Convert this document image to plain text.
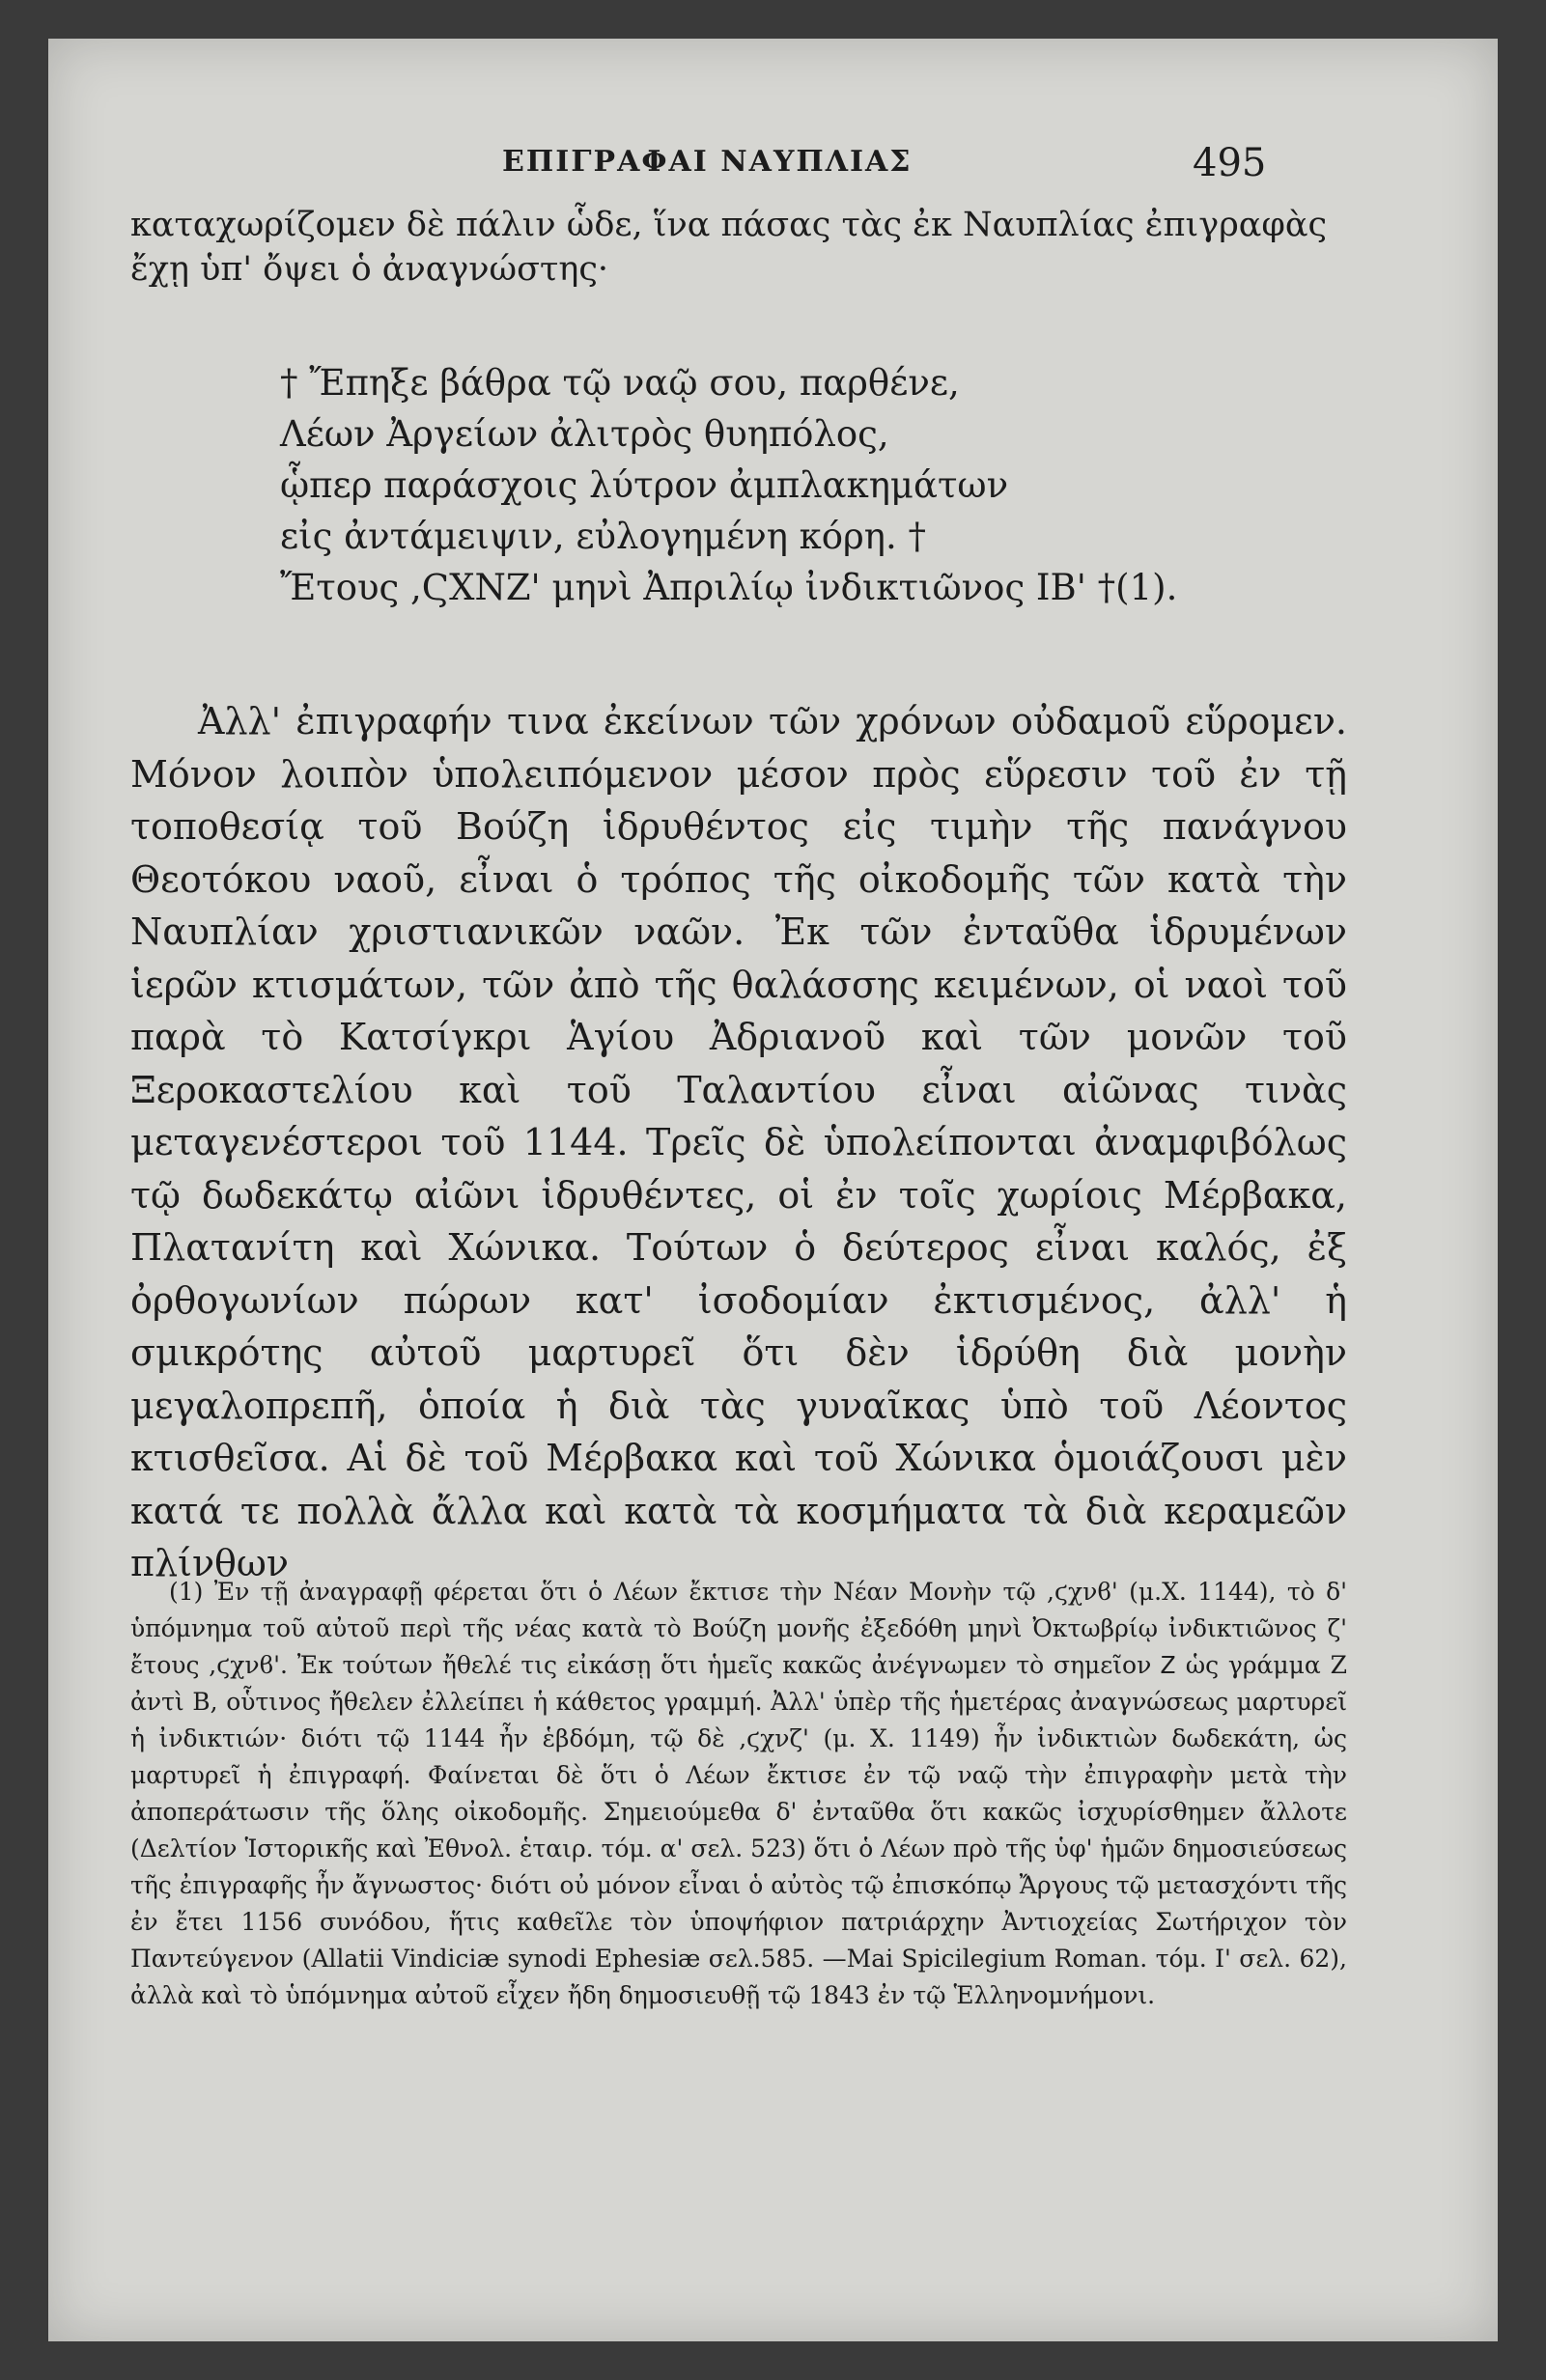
ΕΠΙΓΡΑΦΑΙ ΝΑΥΠΛΙΑΣ	495

καταχωρίζομεν δὲ πάλιν ὧδε, ἵνα πάσας τὰς ἐκ Ναυπλίας ἐπιγραφὰς ἔχῃ ὑπ' ὄψει ὁ ἀναγνώστης·

† Ἔπηξε βάθρα τῷ ναῷ σου, παρθένε,
Λέων Ἀργείων ἀλιτρὸς θυηπόλος,
ᾧπερ παράσχοις λύτρον ἀμπλακημάτων
εἰς ἀντάμειψιν, εὐλογημένη κόρη. †
Ἔτους ,ϚΧΝΖ' μηνὶ Ἀπριλίῳ ἰνδικτιῶνος ΙΒ' †(1).

Ἀλλ' ἐπιγραφήν τινα ἐκείνων τῶν χρόνων οὐδαμοῦ εὕρομεν. Μόνον λοιπὸν ὑπολειπόμενον μέσον πρὸς εὕρεσιν τοῦ ἐν τῇ τοποθεσίᾳ τοῦ Βούζη ἱδρυθέντος εἰς τιμὴν τῆς πανάγνου Θεοτόκου ναοῦ, εἶναι ὁ τρόπος τῆς οἰκοδομῆς τῶν κατὰ τὴν Ναυπλίαν χριστιανικῶν ναῶν. Ἐκ τῶν ἐνταῦθα ἱδρυμένων ἱερῶν κτισμάτων, τῶν ἀπὸ τῆς θαλάσσης κειμένων, οἱ ναοὶ τοῦ παρὰ τὸ Κατσίγκρι Ἁγίου Ἀδριανοῦ καὶ τῶν μονῶν τοῦ Ξεροκαστελίου καὶ τοῦ Ταλαντίου εἶναι αἰῶνας τινὰς μεταγενέστεροι τοῦ 1144. Τρεῖς δὲ ὑπολείπονται ἀναμφιβόλως τῷ δωδεκάτῳ αἰῶνι ἱδρυθέντες, οἱ ἐν τοῖς χωρίοις Μέρβακα, Πλατανίτη καὶ Χώνικα. Τούτων ὁ δεύτερος εἶναι καλός, ἐξ ὀρθογωνίων πώρων κατ' ἰσοδομίαν ἐκτισμένος, ἀλλ' ἡ σμικρότης αὐτοῦ μαρτυρεῖ ὅτι δὲν ἱδρύθη διὰ μονὴν μεγαλοπρεπῆ, ὁποία ἡ διὰ τὰς γυναῖκας ὑπὸ τοῦ Λέοντος κτισθεῖσα. Αἱ δὲ τοῦ Μέρβακα καὶ τοῦ Χώνικα ὁμοιάζουσι μὲν κατά τε πολλὰ ἄλλα καὶ κατὰ τὰ κοσμήματα τὰ διὰ κεραμεῶν πλίνθων

(1) Ἐν τῇ ἀναγραφῇ φέρεται ὅτι ὁ Λέων ἔκτισε τὴν Νέαν Μονὴν τῷ ,ϛχνϐ' (μ.Χ. 1144), τὸ δ' ὑπόμνημα τοῦ αὐτοῦ περὶ τῆς νέας κατὰ τὸ Βούζη μονῆς ἐξεδόθη μηνὶ Ὀκτωβρίῳ ἰνδικτιῶνος ζ' ἔτους ,ϛχνϐ'. Ἐκ τούτων ἤθελέ τις εἰκάσῃ ὅτι ἡμεῖς κακῶς ἀνέγνωμεν τὸ σημεῖον Ꮓ ὡς γράμμα Ζ ἀντὶ Β, οὗτινος ἤθελεν ἐλλείπει ἡ κάθετος γραμμή. Ἀλλ' ὑπὲρ τῆς ἡμετέρας ἀναγνώσεως μαρτυρεῖ ἡ ἰνδικτιών· διότι τῷ 1144 ἦν ἑβδόμη, τῷ δὲ ,ϛχνζ' (μ. Χ. 1149) ἦν ἰνδικτιὼν δωδεκάτη, ὡς μαρτυρεῖ ἡ ἐπιγραφή. Φαίνεται δὲ ὅτι ὁ Λέων ἔκτισε ἐν τῷ ναῷ τὴν ἐπιγραφὴν μετὰ τὴν ἀποπεράτωσιν τῆς ὅλης οἰκοδομῆς. Σημειούμεθα δ' ἐνταῦθα ὅτι κακῶς ἰσχυρίσθημεν ἄλλοτε (Δελτίον Ἱστορικῆς καὶ Ἐθνολ. ἑταιρ. τόμ. α' σελ. 523) ὅτι ὁ Λέων πρὸ τῆς ὑφ' ἡμῶν δημοσιεύσεως τῆς ἐπιγραφῆς ἦν ἄγνωστος· διότι οὐ μόνον εἶναι ὁ αὐτὸς τῷ ἐπισκόπῳ Ἄργους τῷ μετασχόντι τῆς ἐν ἔτει 1156 συνόδου, ἥτις καθεῖλε τὸν ὑποψήφιον πατριάρχην Ἀντιοχείας Σωτήριχον τὸν Παντεύγενον (Allatii Vindiciæ synodi Ephesiæ σελ.585. —Mai Spicilegium Roman. τόμ. Ι' σελ. 62), ἀλλὰ καὶ τὸ ὑπόμνημα αὐτοῦ εἶχεν ἤδη δημοσιευθῇ τῷ 1843 ἐν τῷ Ἑλληνομνήμονι.
